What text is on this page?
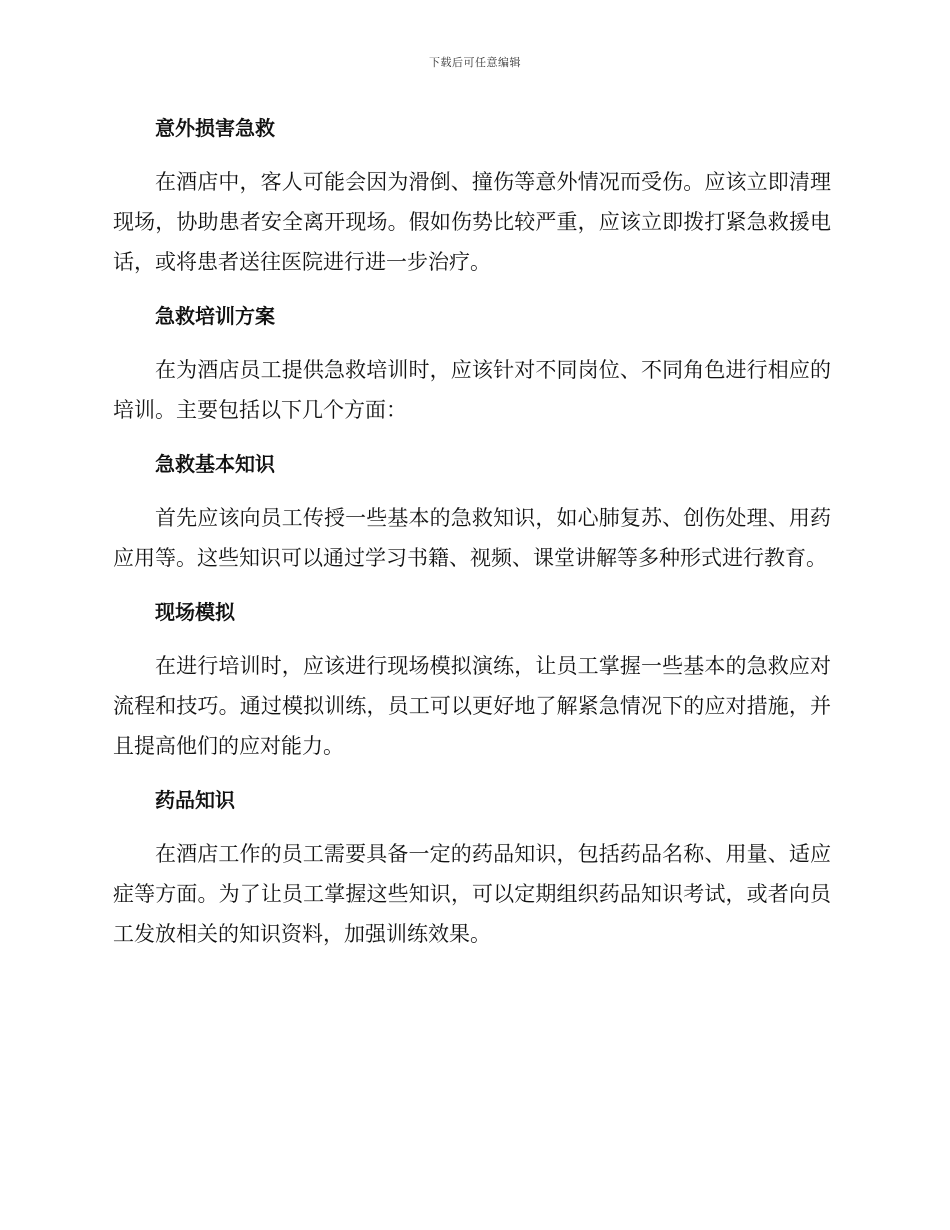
下载后可任意编辑
意外损害急救

在酒店中，客人可能会因为滑倒、撞伤等意外情况而受伤。应该立即清理现场，协助患者安全离开现场。假如伤势比较严重，应该立即拨打紧急救援电话，或将患者送往医院进行进一步治疗。

急救培训方案

在为酒店员工提供急救培训时，应该针对不同岗位、不同角色进行相应的培训。主要包括以下几个方面：

急救基本知识

首先应该向员工传授一些基本的急救知识，如心肺复苏、创伤处理、用药应用等。这些知识可以通过学习书籍、视频、课堂讲解等多种形式进行教育。

现场模拟

在进行培训时，应该进行现场模拟演练，让员工掌握一些基本的急救应对流程和技巧。通过模拟训练，员工可以更好地了解紧急情况下的应对措施，并且提高他们的应对能力。

药品知识

在酒店工作的员工需要具备一定的药品知识，包括药品名称、用量、适应症等方面。为了让员工掌握这些知识，可以定期组织药品知识考试，或者向员工发放相关的知识资料，加强训练效果。
